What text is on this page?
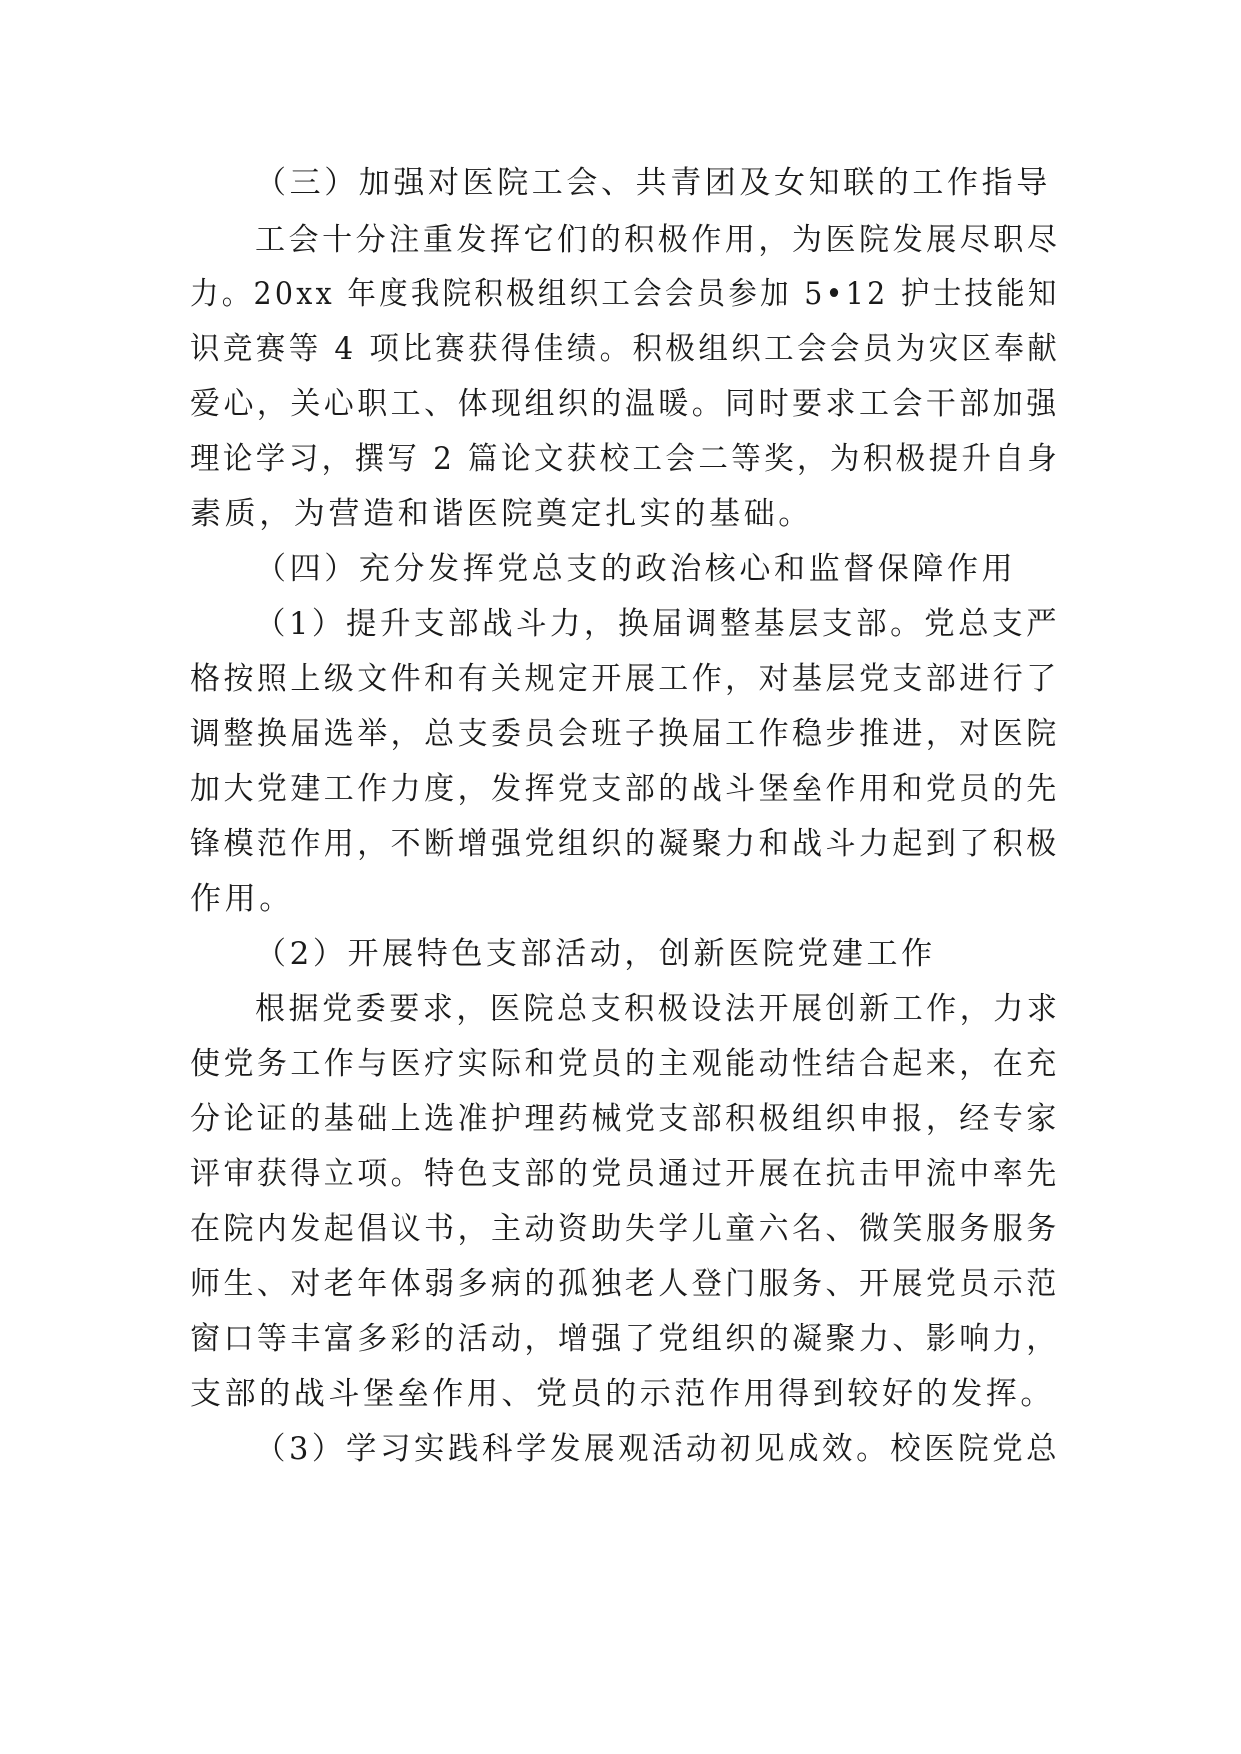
（三）加强对医院工会、共青团及女知联的工作指导
工会十分注重发挥它们的积极作用，为医院发展尽职尽
力。20xx 年度我院积极组织工会会员参加 5•12 护士技能知
识竞赛等 4 项比赛获得佳绩。积极组织工会会员为灾区奉献
爱心，关心职工、体现组织的温暖。同时要求工会干部加强
理论学习，撰写 2 篇论文获校工会二等奖，为积极提升自身
素质，为营造和谐医院奠定扎实的基础。
（四）充分发挥党总支的政治核心和监督保障作用
（1）提升支部战斗力，换届调整基层支部。党总支严
格按照上级文件和有关规定开展工作，对基层党支部进行了
调整换届选举，总支委员会班子换届工作稳步推进，对医院
加大党建工作力度，发挥党支部的战斗堡垒作用和党员的先
锋模范作用，不断增强党组织的凝聚力和战斗力起到了积极
作用。
（2）开展特色支部活动，创新医院党建工作
根据党委要求，医院总支积极设法开展创新工作，力求
使党务工作与医疗实际和党员的主观能动性结合起来，在充
分论证的基础上选准护理药械党支部积极组织申报，经专家
评审获得立项。特色支部的党员通过开展在抗击甲流中率先
在院内发起倡议书，主动资助失学儿童六名、微笑服务服务
师生、对老年体弱多病的孤独老人登门服务、开展党员示范
窗口等丰富多彩的活动，增强了党组织的凝聚力、影响力，
支部的战斗堡垒作用、党员的示范作用得到较好的发挥。
（3）学习实践科学发展观活动初见成效。校医院党总
